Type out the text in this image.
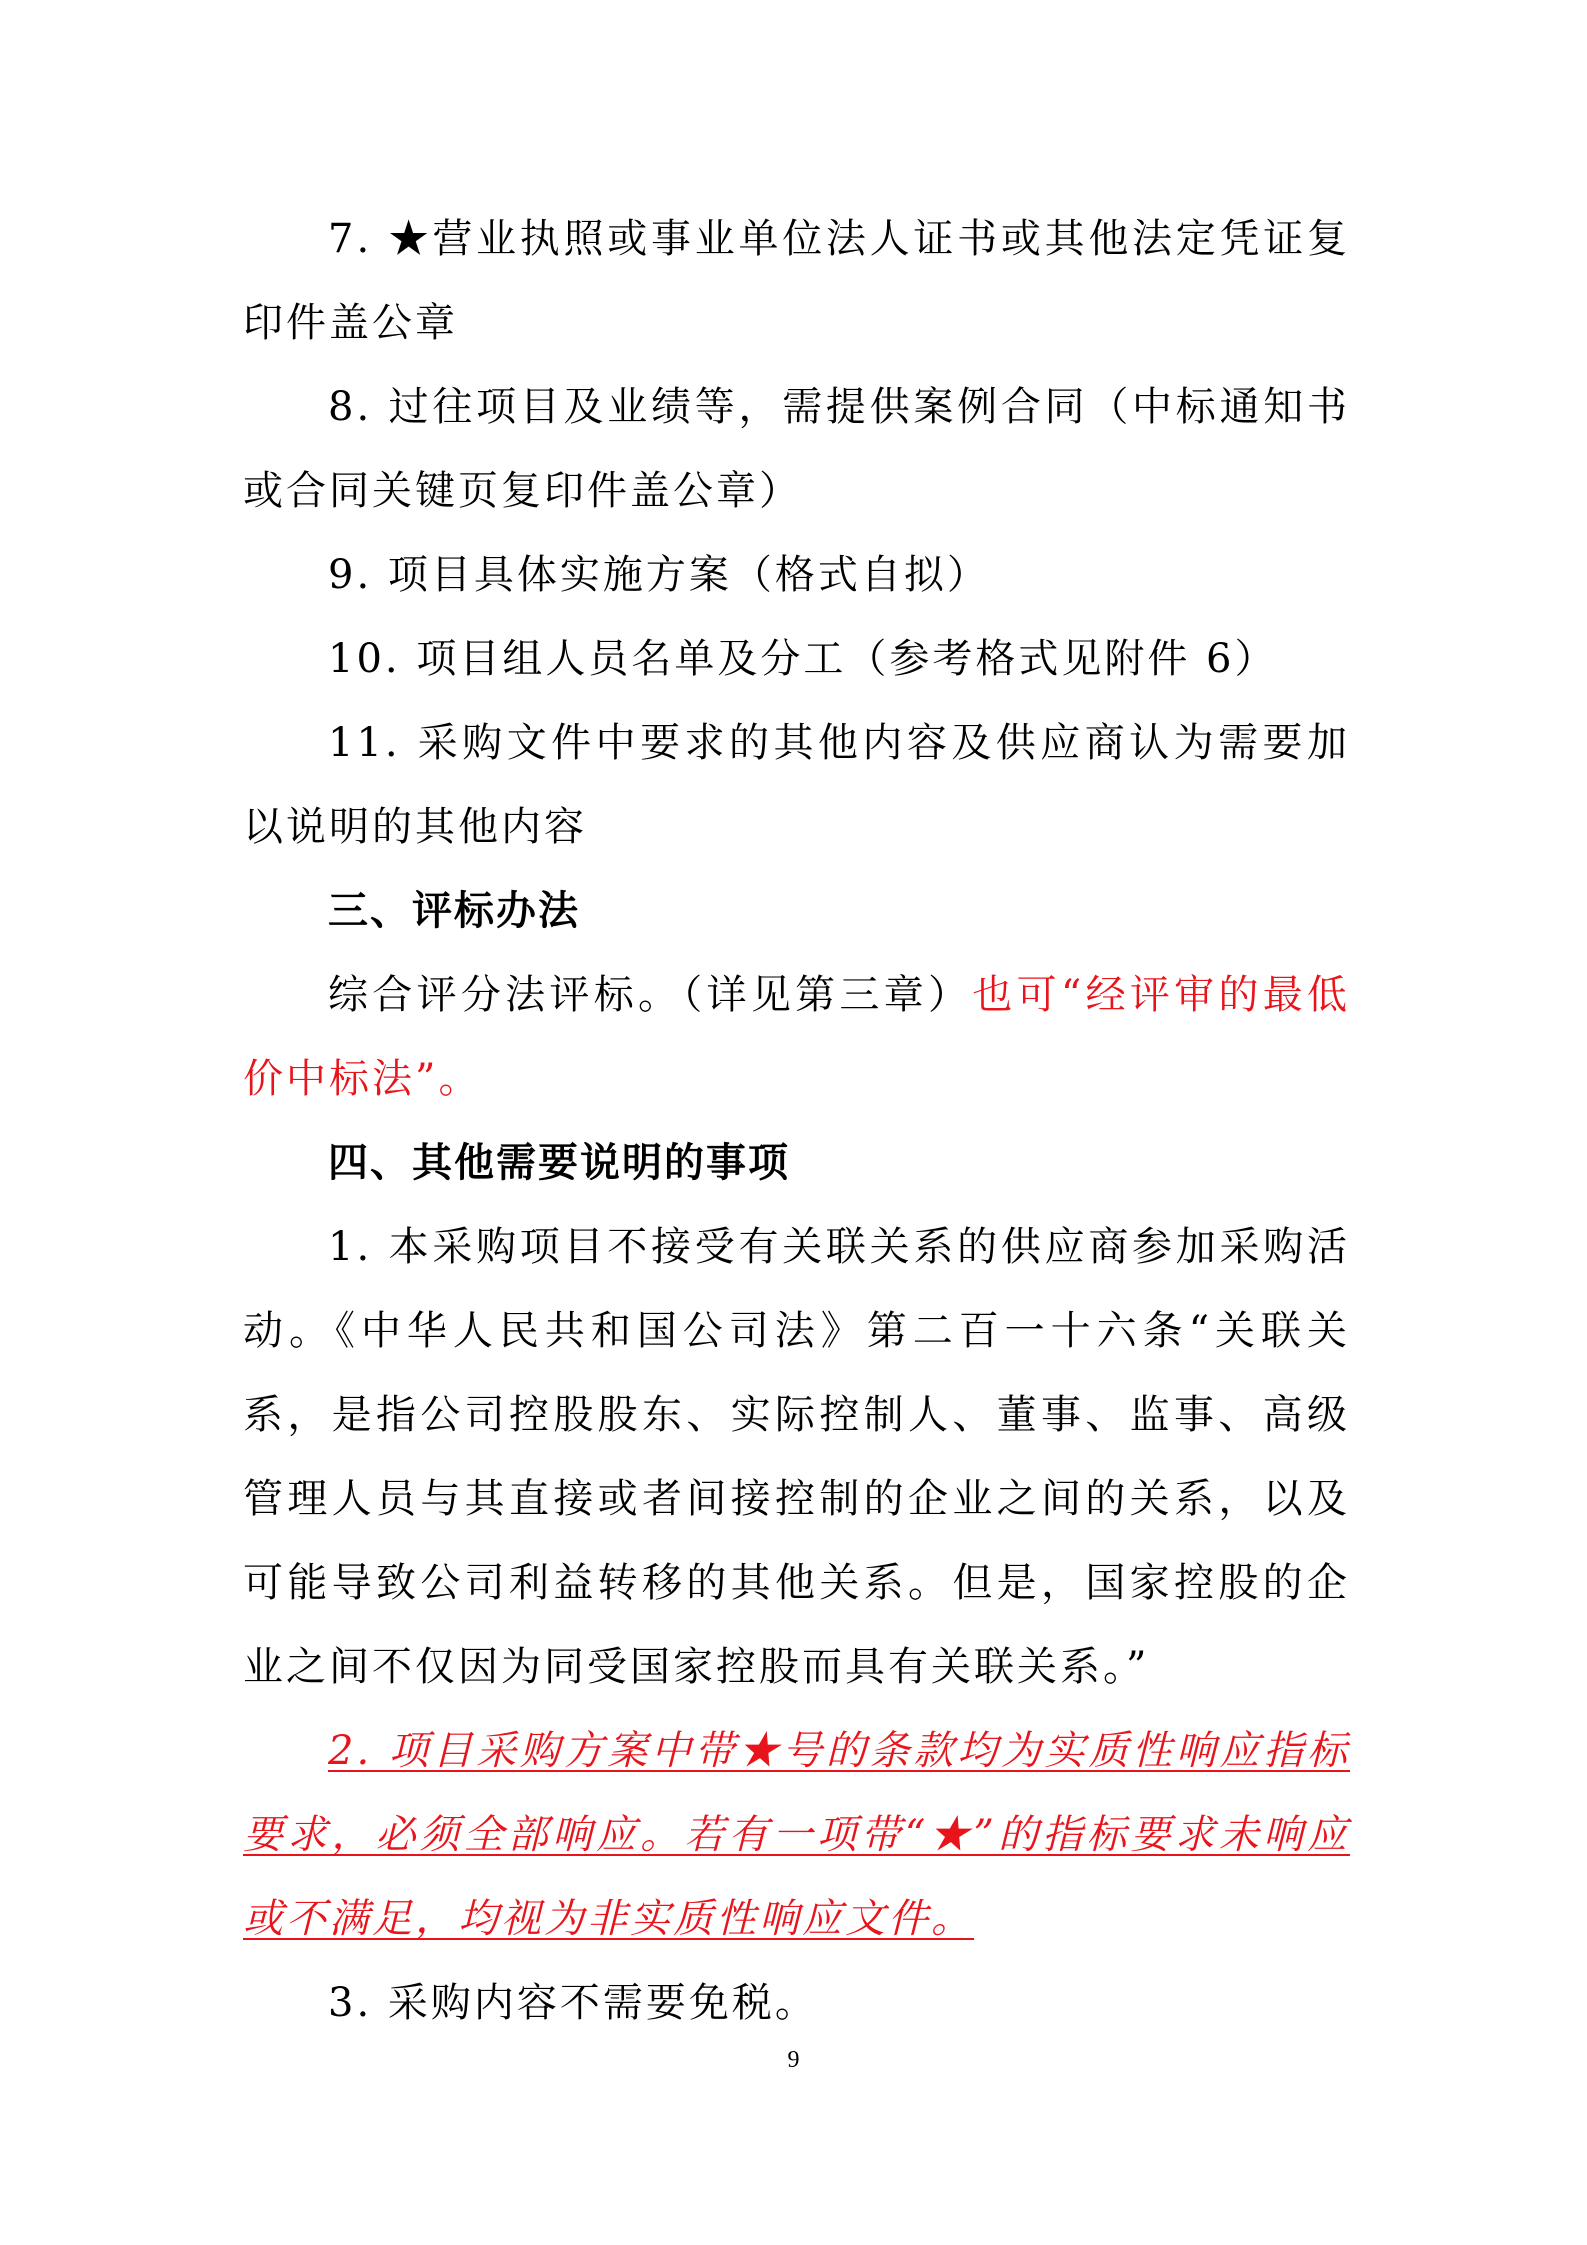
7. ★营业执照或事业单位法人证书或其他法定凭证复印件盖公章

8. 过往项目及业绩等，需提供案例合同（中标通知书或合同关键页复印件盖公章）

9. 项目具体实施方案（格式自拟）

10. 项目组人员名单及分工（参考格式见附件 6）

11. 采购文件中要求的其他内容及供应商认为需要加以说明的其他内容

三、评标办法

综合评分法评标。（详见第三章）也可“经评审的最低价中标法”。

四、其他需要说明的事项

1. 本采购项目不接受有关联关系的供应商参加采购活动。《中华人民共和国公司法》第二百一十六条“关联关系，是指公司控股股东、实际控制人、董事、监事、高级管理人员与其直接或者间接控制的企业之间的关系，以及可能导致公司利益转移的其他关系。但是，国家控股的企业之间不仅因为同受国家控股而具有关联关系。”

2. 项目采购方案中带★号的条款均为实质性响应指标要求，必须全部响应。若有一项带“★”的指标要求未响应或不满足，均视为非实质性响应文件。

3. 采购内容不需要免税。

9
